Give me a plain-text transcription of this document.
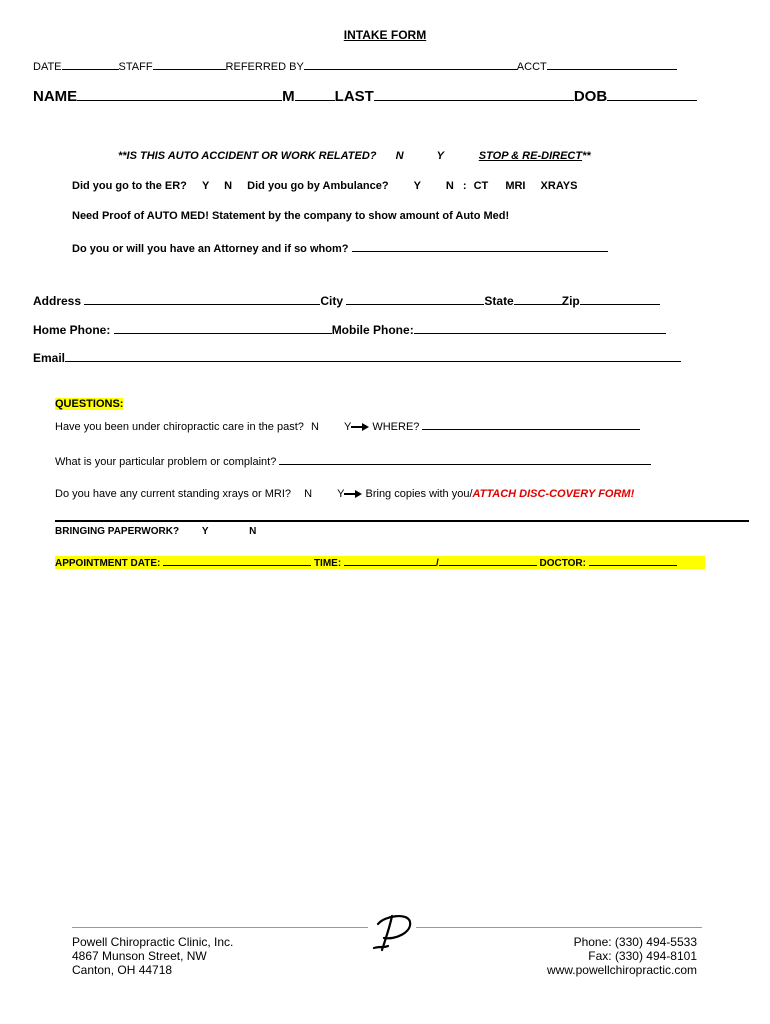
INTAKE FORM
DATE	STAFF	REFERRED BY	ACCT
NAME	M	LAST	DOB
**IS THIS AUTO ACCIDENT OR WORK RELATED? N	Y	STOP & RE-DIRECT**
Did you go to the ER? Y N Did you go by Ambulance? Y N : CT MRI XRAYS
Need Proof of AUTO MED! Statement by the company to show amount of Auto Med!
Do you or will you have an Attorney and if so whom?
Address	City	State	Zip
Home Phone:	Mobile Phone:
Email
QUESTIONS:
Have you been under chiropractic care in the past? N Y WHERE?
What is your particular problem or complaint?
Do you have any current standing xrays or MRI? N Y Bring copies with you/ATTACH DISC-COVERY FORM!
BRINGING PAPERWORK? Y	N
APPOINTMENT DATE:	TIME:	/	DOCTOR:
Powell Chiropractic Clinic, Inc.
4867 Munson Street, NW
Canton, OH 44718
Phone: (330) 494-5533
Fax: (330) 494-8101
www.powellchiropractic.com
